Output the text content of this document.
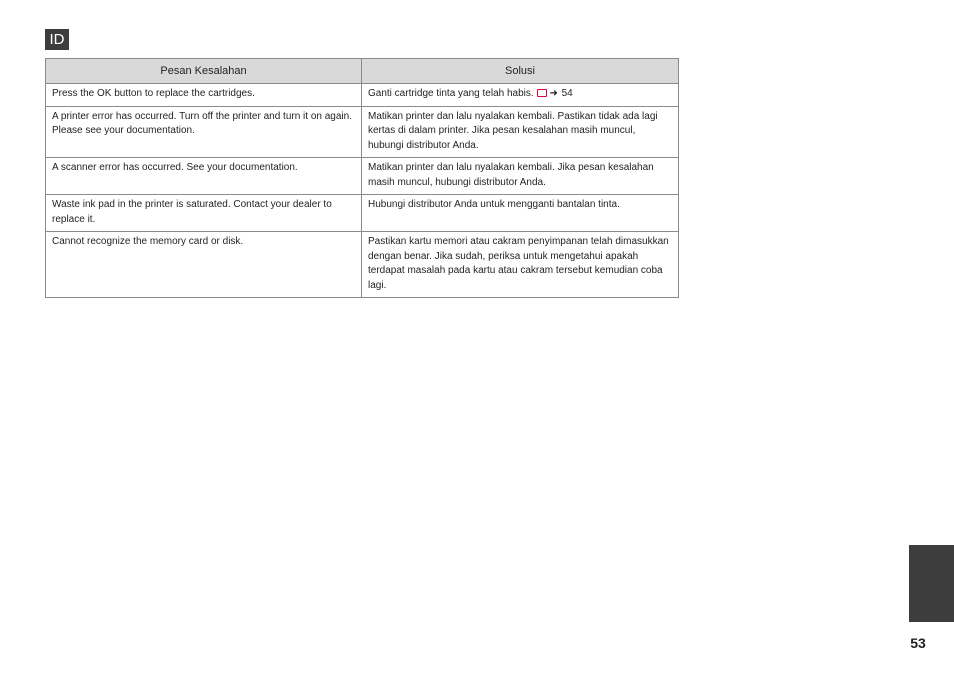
ID
Pesan Kesalahan	Solusi
Press the OK button to replace the cartridges.	Ganti cartridge tinta yang telah habis. ➜ 54
A printer error has occurred. Turn off the printer and turn it on again. Please see your documentation.	Matikan printer dan lalu nyalakan kembali. Pastikan tidak ada lagi kertas di dalam printer. Jika pesan kesalahan masih muncul, hubungi distributor Anda.
A scanner error has occurred. See your documentation.	Matikan printer dan lalu nyalakan kembali. Jika pesan kesalahan masih muncul, hubungi distributor Anda.
Waste ink pad in the printer is saturated. Contact your dealer to replace it.	Hubungi distributor Anda untuk mengganti bantalan tinta.
Cannot recognize the memory card or disk.	Pastikan kartu memori atau cakram penyimpanan telah dimasukkan dengan benar. Jika sudah, periksa untuk mengetahui apakah terdapat masalah pada kartu atau cakram tersebut kemudian coba lagi.
53
